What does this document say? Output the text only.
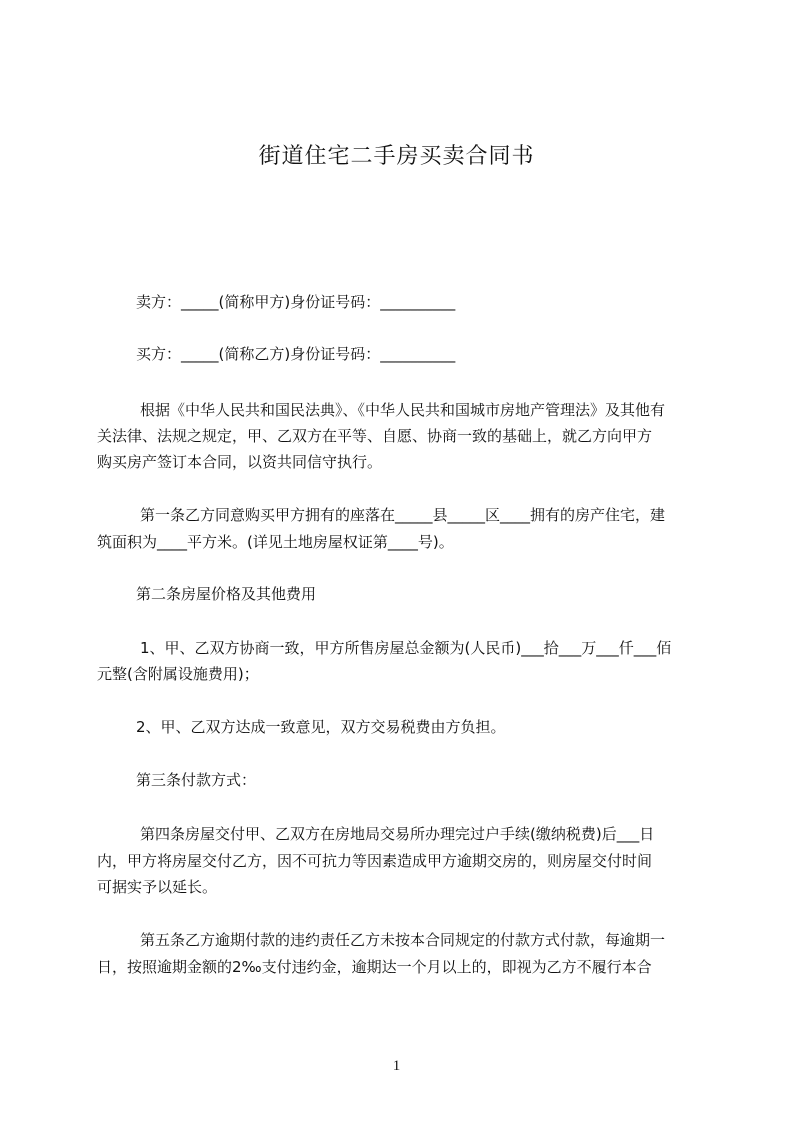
街道住宅二手房买卖合同书
卖方：_____(简称甲方)身份证号码：__________
买方：_____(简称乙方)身份证号码：__________
根据《中华人民共和国民法典》、《中华人民共和国城市房地产管理法》及其他有
关法律、法规之规定，甲、乙双方在平等、自愿、协商一致的基础上，就乙方向甲方
购买房产签订本合同，以资共同信守执行。
第一条乙方同意购买甲方拥有的座落在_____县_____区____拥有的房产住宅，建
筑面积为____平方米。(详见土地房屋权证第____号)。
第二条房屋价格及其他费用
1、甲、乙双方协商一致，甲方所售房屋总金额为(人民币)___拾___万___仟___佰
元整(含附属设施费用)；
2、甲、乙双方达成一致意见，双方交易税费由方负担。
第三条付款方式：
第四条房屋交付甲、乙双方在房地局交易所办理完过户手续(缴纳税费)后___日
内，甲方将房屋交付乙方，因不可抗力等因素造成甲方逾期交房的，则房屋交付时间
可据实予以延长。
第五条乙方逾期付款的违约责任乙方未按本合同规定的付款方式付款，每逾期一
日，按照逾期金额的2‰支付违约金，逾期达一个月以上的，即视为乙方不履行本合
1
